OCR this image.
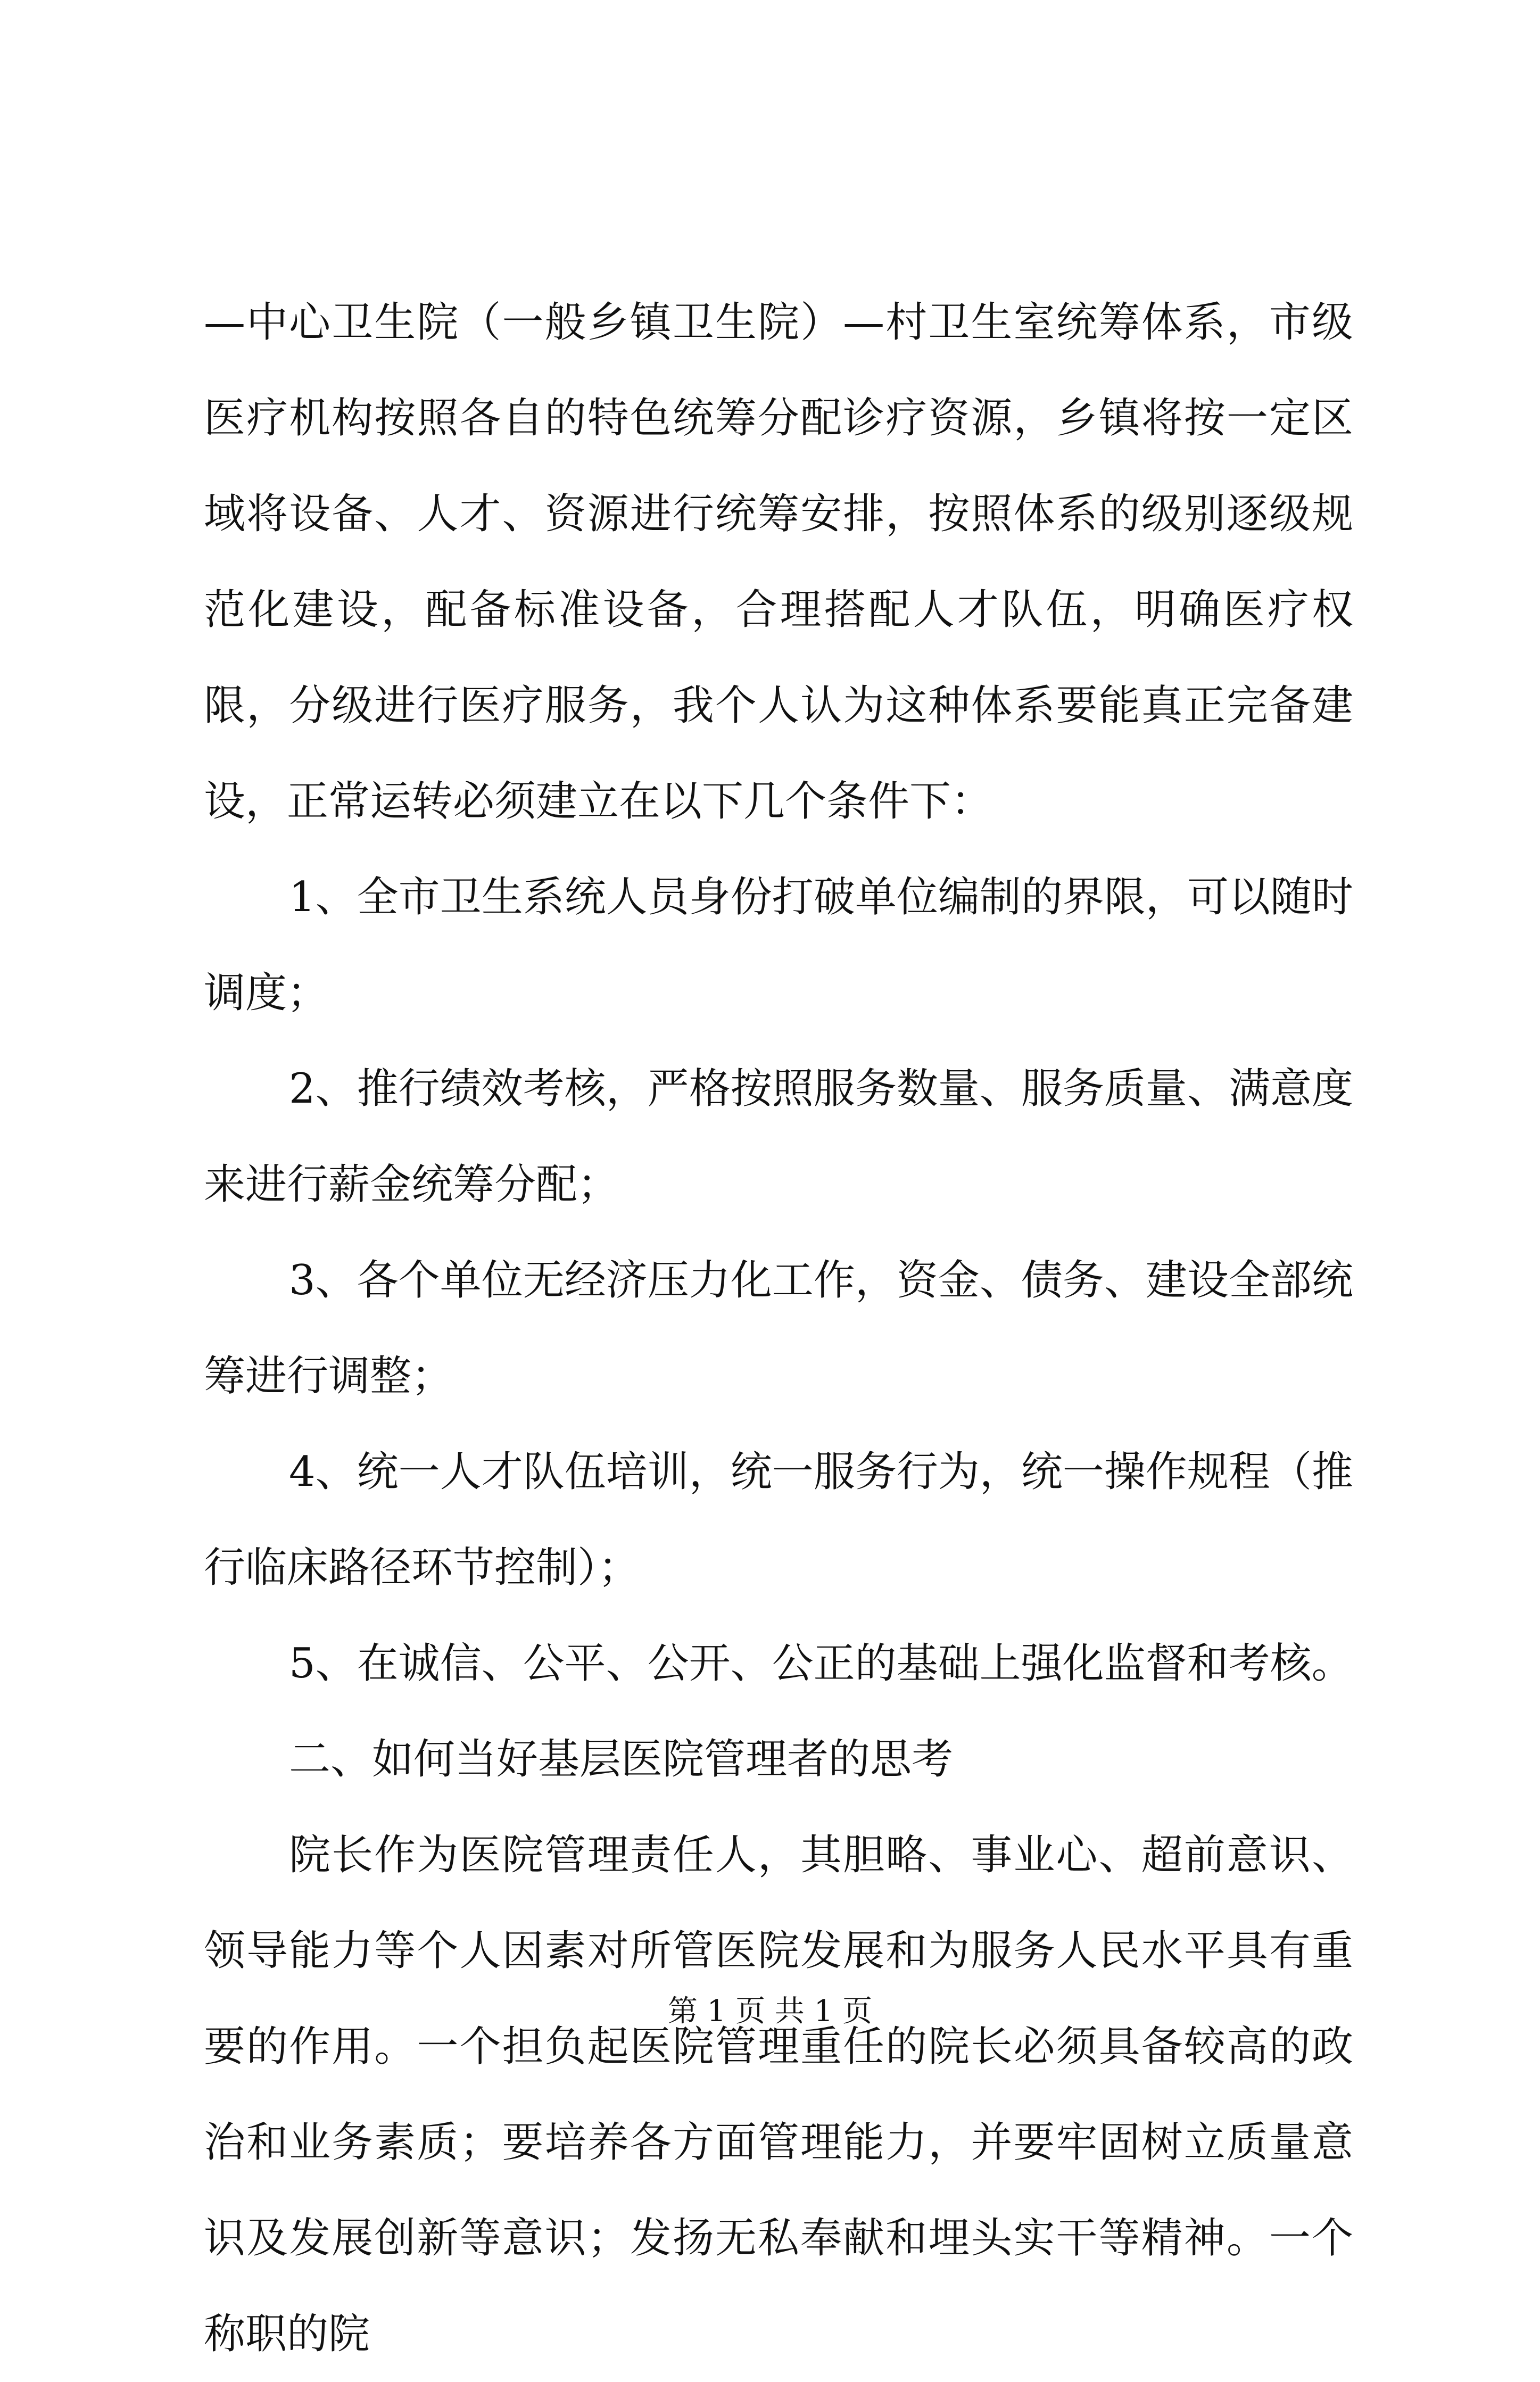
—中心卫生院（一般乡镇卫生院）—村卫生室统筹体系，市级医疗机构按照各自的特色统筹分配诊疗资源，乡镇将按一定区域将设备、人才、资源进行统筹安排，按照体系的级别逐级规范化建设，配备标准设备，合理搭配人才队伍，明确医疗权限，分级进行医疗服务，我个人认为这种体系要能真正完备建设，正常运转必须建立在以下几个条件下：

1、全市卫生系统人员身份打破单位编制的界限，可以随时调度；

2、推行绩效考核，严格按照服务数量、服务质量、满意度来进行薪金统筹分配；

3、各个单位无经济压力化工作，资金、债务、建设全部统筹进行调整；

4、统一人才队伍培训，统一服务行为，统一操作规程（推行临床路径环节控制）；

5、在诚信、公平、公开、公正的基础上强化监督和考核。

二、如何当好基层医院管理者的思考

院长作为医院管理责任人，其胆略、事业心、超前意识、领导能力等个人因素对所管医院发展和为服务人民水平具有重要的作用。一个担负起医院管理重任的院长必须具备较高的政治和业务素质；要培养各方面管理能力，并要牢固树立质量意识及发展创新等意识；发扬无私奉献和埋头实干等精神。一个称职的院

第 1 页 共 1 页
